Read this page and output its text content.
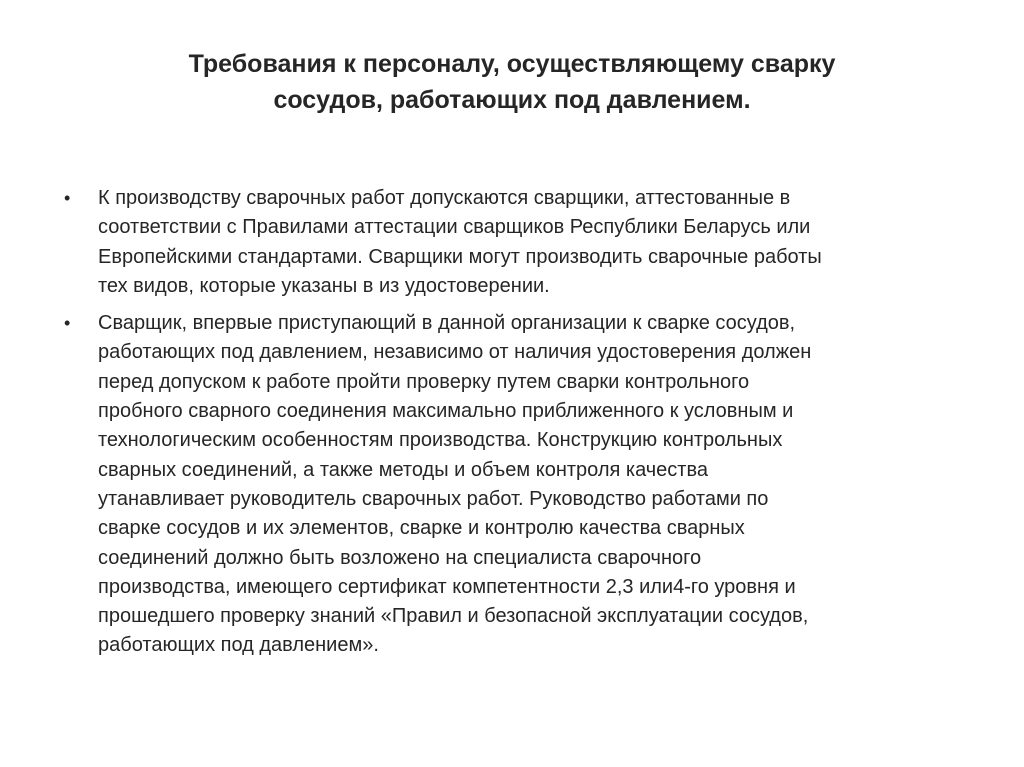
Требования к персоналу, осуществляющему сварку
сосудов, работающих под давлением.
• К производству сварочных работ допускаются сварщики, аттестованные в
соответствии с Правилами аттестации сварщиков Республики Беларусь или
Европейскими стандартами. Сварщики могут производить сварочные работы
тех видов, которые указаны в из удостоверении.
• Сварщик, впервые приступающий в данной организации к сварке сосудов,
работающих под давлением, независимо от наличия удостоверения должен
перед допуском к работе пройти проверку путем сварки контрольного
пробного сварного соединения максимально приближенного к условным и
технологическим особенностям производства. Конструкцию контрольных
сварных соединений, а также методы и объем контроля качества
утанавливает руководитель сварочных работ. Руководство работами по
сварке сосудов и их элементов, сварке и контролю качества сварных
соединений должно быть возложено на специалиста сварочного
производства, имеющего сертификат компетентности 2,3 или4-го уровня и
прошедшего проверку знаний «Правил и безопасной эксплуатации сосудов,
работающих под давлением».
